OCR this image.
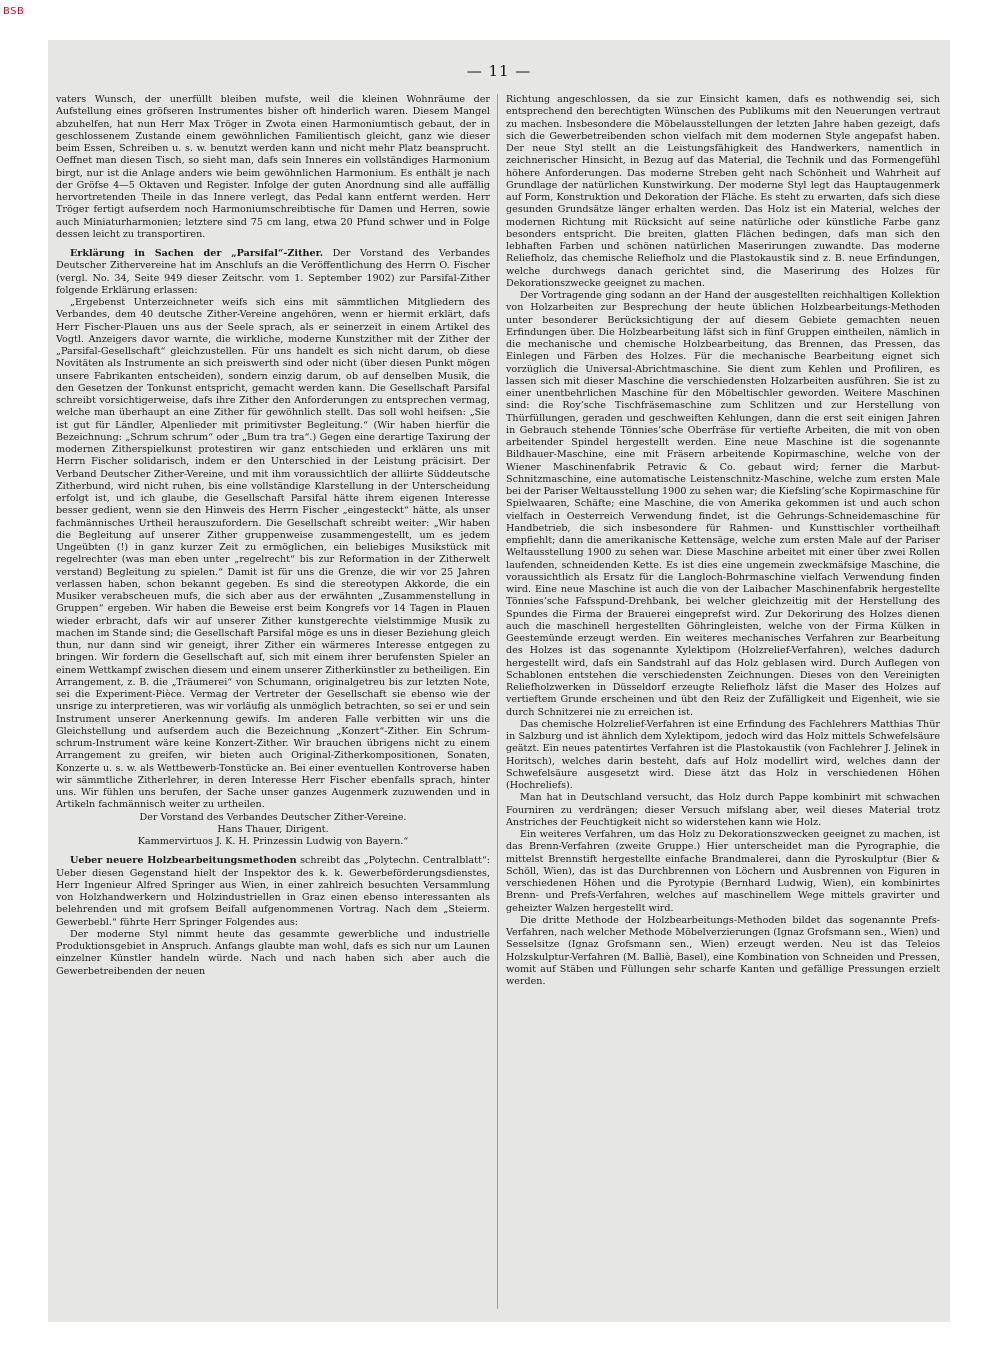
BSB
— 11 —

vaters Wunsch, der unerfüllt bleiben mufste, weil die kleinen Wohnräume der Aufstellung eines gröfseren Instrumentes bisher oft hinderlich waren. Diesem Mangel abzuhelfen, hat nun Herr Max Tröger in Zwota einen Harmoniumtisch gebaut, der in geschlossenem Zustande einem gewöhnlichen Familientisch gleicht, ganz wie dieser beim Essen, Schreiben u. s. w. benutzt werden kann und nicht mehr Platz beansprucht. Oeffnet man diesen Tisch, so sieht man, dafs sein Inneres ein vollständiges Harmonium birgt, nur ist die Anlage anders wie beim gewöhnlichen Harmonium. Es enthält je nach der Gröfse 4—5 Oktaven und Register. Infolge der guten Anordnung sind alle auffällig hervortretenden Theile in das Innere verlegt, das Pedal kann entfernt werden. Herr Tröger fertigt aufserdem noch Harmoniumschreibtische für Damen und Herren, sowie auch Miniaturharmonien; letztere sind 75 cm lang, etwa 20 Pfund schwer und in Folge dessen leicht zu transportiren.

Erklärung in Sachen der „Parsifal“-Zither. Der Vorstand des Verbandes Deutscher Zithervereine hat im Anschlufs an die Veröffentlichung des Herrn O. Fischer (vergl. No. 34, Seite 949 dieser Zeitschr. vom 1. September 1902) zur Parsifal-Zither folgende Erklärung erlassen:

„Ergebenst Unterzeichneter weifs sich eins mit sämmtlichen Mitgliedern des Verbandes, dem 40 deutsche Zither-Vereine angehören, wenn er hiermit erklärt, dafs Herr Fischer-Plauen uns aus der Seele sprach, als er seinerzeit in einem Artikel des Vogtl. Anzeigers davor warnte, die wirkliche, moderne Kunstzither mit der Zither der „Parsifal-Gesellschaft“ gleichzustellen. Für uns handelt es sich nicht darum, ob diese Novitäten als Instrumente an sich preiswerth sind oder nicht (über diesen Punkt mögen unsere Fabrikanten entscheiden), sondern einzig darum, ob auf denselben Musik, die den Gesetzen der Tonkunst entspricht, gemacht werden kann. Die Gesellschaft Parsifal schreibt vorsichtigerweise, dafs ihre Zither den Anforderungen zu entsprechen vermag, welche man überhaupt an eine Zither für gewöhnlich stellt. Das soll wohl heifsen: „Sie ist gut für Ländler, Alpenlieder mit primitivster Begleitung.“ (Wir haben hierfür die Bezeichnung: „Schrum schrum“ oder „Bum tra tra“.) Gegen eine derartige Taxirung der modernen Zitherspielkunst protestiren wir ganz entschieden und erklären uns mit Herrn Fischer solidarisch, indem er den Unterschied in der Leistung präcisirt. Der Verband Deutscher Zither-Vereine, und mit ihm voraussichtlich der alliirte Süddeutsche Zitherbund, wird nicht ruhen, bis eine vollständige Klarstellung in der Unterscheidung erfolgt ist, und ich glaube, die Gesellschaft Parsifal hätte ihrem eigenen Interesse besser gedient, wenn sie den Hinweis des Herrn Fischer „eingesteckt“ hätte, als unser fachmännisches Urtheil herauszufordern. Die Gesellschaft schreibt weiter: „Wir haben die Begleitung auf unserer Zither gruppenweise zusammengestellt, um es jedem Ungeübten (!) in ganz kurzer Zeit zu ermöglichen, ein beliebiges Musikstück mit regelrechter (was man eben unter „regelrecht“ bis zur Reformation in der Zitherwelt verstand) Begleitung zu spielen.“ Damit ist für uns die Grenze, die wir vor 25 Jahren verlassen haben, schon bekannt gegeben. Es sind die stereotypen Akkorde, die ein Musiker verabscheuen mufs, die sich aber aus der erwähnten „Zusammenstellung in Gruppen“ ergeben. Wir haben die Beweise erst beim Kongrefs vor 14 Tagen in Plauen wieder erbracht, dafs wir auf unserer Zither kunstgerechte vielstimmige Musik zu machen im Stande sind; die Gesellschaft Parsifal möge es uns in dieser Beziehung gleich thun, nur dann sind wir geneigt, ihrer Zither ein wärmeres Interesse entgegen zu bringen. Wir fordern die Gesellschaft auf, sich mit einem ihrer berufensten Spieler an einem Wettkampf zwischen diesem und einem unserer Zitherkünstler zu betheiligen. Ein Arrangement, z. B. die „Träumerei“ von Schumann, originalgetreu bis zur letzten Note, sei die Experiment-Pièce. Vermag der Vertreter der Gesellschaft sie ebenso wie der unsrige zu interpretieren, was wir vorläufig als unmöglich betrachten, so sei er und sein Instrument unserer Anerkennung gewifs. Im anderen Falle verbitten wir uns die Gleichstellung und aufserdem auch die Bezeichnung „Konzert“-Zither. Ein Schrum-schrum-Instrument wäre keine Konzert-Zither. Wir brauchen übrigens nicht zu einem Arrangement zu greifen, wir bieten auch Original-Zitherkompositionen, Sonaten, Konzerte u. s. w. als Wettbewerb-Tonstücke an. Bei einer eventuellen Kontroverse haben wir sämmtliche Zitherlehrer, in deren Interesse Herr Fischer ebenfalls sprach, hinter uns. Wir fühlen uns berufen, der Sache unser ganzes Augenmerk zuzuwenden und in Artikeln fachmännisch weiter zu urtheilen.

Der Vorstand des Verbandes Deutscher Zither-Vereine.

Hans Thauer, Dirigent.

Kammervirtuos J. K. H. Prinzessin Ludwig von Bayern.“

Ueber neuere Holzbearbeitungsmethoden schreibt das „Polytechn. Centralblatt“: Ueber diesen Gegenstand hielt der Inspektor des k. k. Gewerbeförderungsdienstes, Herr Ingenieur Alfred Springer aus Wien, in einer zahlreich besuchten Versammlung von Holzhandwerkern und Holzindustriellen in Graz einen ebenso interessanten als belehrenden und mit grofsem Beifall aufgenommenen Vortrag. Nach dem „Steierm. Gewerbebl.“ führte Herr Springer Folgendes aus:

Der moderne Styl nimmt heute das gesammte gewerbliche und industrielle Produktionsgebiet in Anspruch. Anfangs glaubte man wohl, dafs es sich nur um Launen einzelner Künstler handeln würde. Nach und nach haben sich aber auch die Gewerbetreibenden der neuen

Richtung angeschlossen, da sie zur Einsicht kamen, dafs es nothwendig sei, sich entsprechend den berechtigten Wünschen des Publikums mit den Neuerungen vertraut zu machen. Insbesondere die Möbelausstellungen der letzten Jahre haben gezeigt, dafs sich die Gewerbetreibenden schon vielfach mit dem modernen Style angepafst haben. Der neue Styl stellt an die Leistungsfähigkeit des Handwerkers, namentlich in zeichnerischer Hinsicht, in Bezug auf das Material, die Technik und das Formengefühl höhere Anforderungen. Das moderne Streben geht nach Schönheit und Wahrheit auf Grundlage der natürlichen Kunstwirkung. Der moderne Styl legt das Hauptaugenmerk auf Form, Konstruktion und Dekoration der Fläche. Es steht zu erwarten, dafs sich diese gesunden Grundsätze länger erhalten werden. Das Holz ist ein Material, welches der modernen Richtung mit Rücksicht auf seine natürliche oder künstliche Farbe ganz besonders entspricht. Die breiten, glatten Flächen bedingen, dafs man sich den lebhaften Farben und schönen natürlichen Maserirungen zuwandte. Das moderne Reliefholz, das chemische Reliefholz und die Plastokaustik sind z. B. neue Erfindungen, welche durchwegs danach gerichtet sind, die Maserirung des Holzes für Dekorationszwecke geeignet zu machen.

Der Vortragende ging sodann an der Hand der ausgestellten reichhaltigen Kollektion von Holzarbeiten zur Besprechung der heute üblichen Holzbearbeitungs-Methoden unter besonderer Berücksichtigung der auf diesem Gebiete gemachten neuen Erfindungen über. Die Holzbearbeitung läfst sich in fünf Gruppen eintheilen, nämlich in die mechanische und chemische Holzbearbeitung, das Brennen, das Pressen, das Einlegen und Färben des Holzes. Für die mechanische Bearbeitung eignet sich vorzüglich die Universal-Abrichtmaschine. Sie dient zum Kehlen und Profiliren, es lassen sich mit dieser Maschine die verschiedensten Holzarbeiten ausführen. Sie ist zu einer unentbehrlichen Maschine für den Möbeltischler geworden. Weitere Maschinen sind: die Roy’sche Tischfräsemaschine zum Schlitzen und zur Herstellung von Thürfüllungen, geraden und geschweiften Kehlungen, dann die erst seit einigen Jahren in Gebrauch stehende Tönnies’sche Oberfräse für vertiefte Arbeiten, die mit von oben arbeitender Spindel hergestellt werden. Eine neue Maschine ist die sogenannte Bildhauer-Maschine, eine mit Fräsern arbeitende Kopirmaschine, welche von der Wiener Maschinenfabrik Petravic & Co. gebaut wird; ferner die Marbut-Schnitzmaschine, eine automatische Leistenschnitz-Maschine, welche zum ersten Male bei der Pariser Weltausstellung 1900 zu sehen war; die Kiefsling’sche Kopirmaschine für Spielwaaren, Schäfte; eine Maschine, die von Amerika gekommen ist und auch schon vielfach in Oesterreich Verwendung findet, ist die Gehrungs-Schneidemaschine für Handbetrieb, die sich insbesondere für Rahmen- und Kunsttischler vortheilhaft empfiehlt; dann die amerikanische Kettensäge, welche zum ersten Male auf der Pariser Weltausstellung 1900 zu sehen war. Diese Maschine arbeitet mit einer über zwei Rollen laufenden, schneidenden Kette. Es ist dies eine ungemein zweckmäfsige Maschine, die voraussichtlich als Ersatz für die Langloch-Bohrmaschine vielfach Verwendung finden wird. Eine neue Maschine ist auch die von der Laibacher Maschinenfabrik hergestellte Tönnies’sche Fafsspund-Drehbank, bei welcher gleichzeitig mit der Herstellung des Spundes die Firma der Brauerei eingeprefst wird. Zur Dekorirung des Holzes dienen auch die maschinell hergestellten Göhringleisten, welche von der Firma Külken in Geestemünde erzeugt werden. Ein weiteres mechanisches Verfahren zur Bearbeitung des Holzes ist das sogenannte Xylektipom (Holzrelief-Verfahren), welches dadurch hergestellt wird, dafs ein Sandstrahl auf das Holz geblasen wird. Durch Auflegen von Schablonen entstehen die verschiedensten Zeichnungen. Dieses von den Vereinigten Reliefholzwerken in Düsseldorf erzeugte Reliefholz läfst die Maser des Holzes auf vertieftem Grunde erscheinen und übt den Reiz der Zufälligkeit und Eigenheit, wie sie durch Schnitzerei nie zu erreichen ist.

Das chemische Holzrelief-Verfahren ist eine Erfindung des Fachlehrers Matthias Thür in Salzburg und ist ähnlich dem Xylektipom, jedoch wird das Holz mittels Schwefelsäure geätzt. Ein neues patentirtes Verfahren ist die Plastokaustik (von Fachlehrer J. Jelinek in Horitsch), welches darin besteht, dafs auf Holz modellirt wird, welches dann der Schwefelsäure ausgesetzt wird. Diese ätzt das Holz in verschiedenen Höhen (Hochreliefs).

Man hat in Deutschland versucht, das Holz durch Pappe kombinirt mit schwachen Fourniren zu verdrängen; dieser Versuch mifslang aber, weil dieses Material trotz Anstriches der Feuchtigkeit nicht so widerstehen kann wie Holz.

Ein weiteres Verfahren, um das Holz zu Dekorationszwecken geeignet zu machen, ist das Brenn-Verfahren (zweite Gruppe.) Hier unterscheidet man die Pyrographie, die mittelst Brennstift hergestellte einfache Brandmalerei, dann die Pyroskulptur (Bier & Schöll, Wien), das ist das Durchbrennen von Löchern und Ausbrennen von Figuren in verschiedenen Höhen und die Pyrotypie (Bernhard Ludwig, Wien), ein kombinirtes Brenn- und Prefs-Verfahren, welches auf maschinellem Wege mittels gravirter und geheizter Walzen hergestellt wird.

Die dritte Methode der Holzbearbeitungs-Methoden bildet das sogenannte Prefs-Verfahren, nach welcher Methode Möbelverzierungen (Ignaz Grofsmann sen., Wien) und Sesselsitze (Ignaz Grofsmann sen., Wien) erzeugt werden. Neu ist das Teleios Holzskulptur-Verfahren (M. Balliè, Basel), eine Kombination von Schneiden und Pressen, womit auf Stäben und Füllungen sehr scharfe Kanten und gefällige Pressungen erzielt werden.
